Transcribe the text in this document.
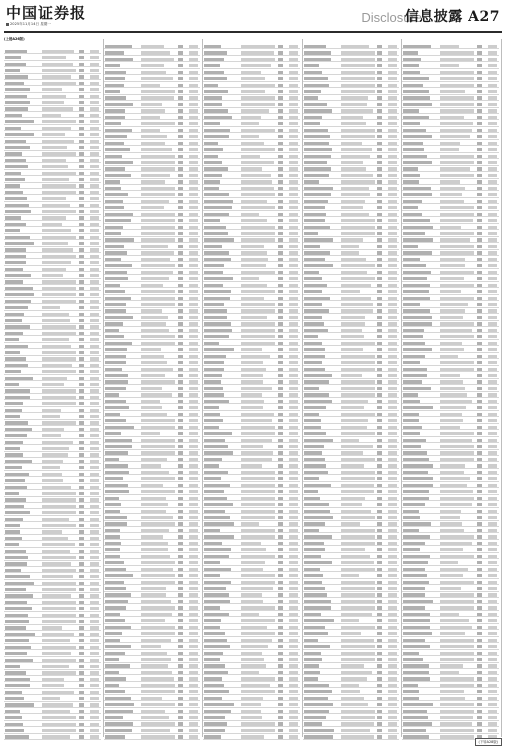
中国证券报
2025年11月14日 星期一	Disclosure
信息披露 A27
(上接A26版)
(下转A28版)
